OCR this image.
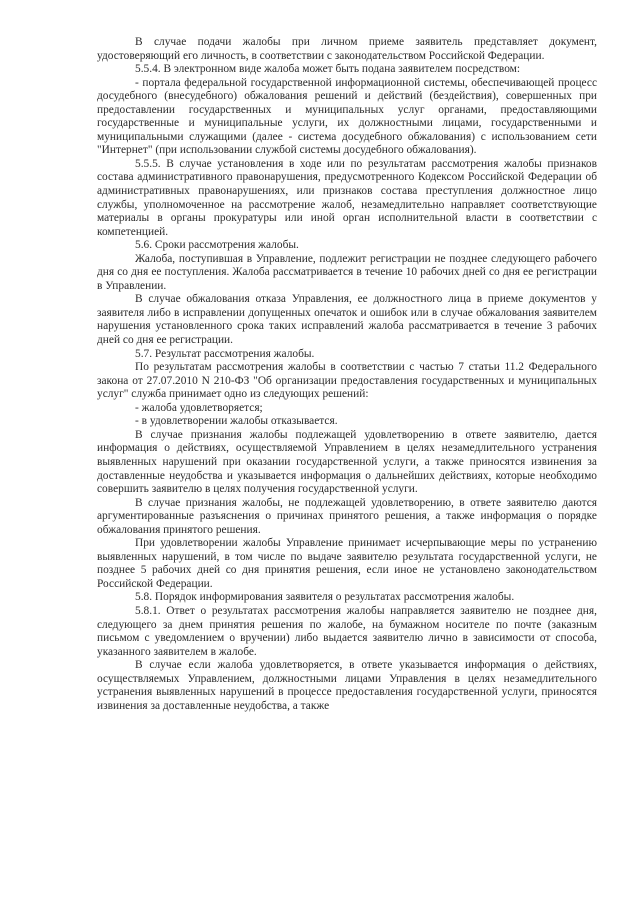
В случае подачи жалобы при личном приеме заявитель представляет документ, удостоверяющий его личность, в соответствии с законодательством Российской Федерации.

5.5.4. В электронном виде жалоба может быть подана заявителем посредством:

- портала федеральной государственной информационной системы, обеспечивающей процесс досудебного (внесудебного) обжалования решений и действий (бездействия), совершенных при предоставлении государственных и муниципальных услуг органами, предоставляющими государственные и муниципальные услуги, их должностными лицами, государственными и муниципальными служащими (далее - система досудебного обжалования) с использованием сети "Интернет" (при использовании службой системы досудебного обжалования).

5.5.5. В случае установления в ходе или по результатам рассмотрения жалобы признаков состава административного правонарушения, предусмотренного Кодексом Российской Федерации об административных правонарушениях, или признаков состава преступления должностное лицо службы, уполномоченное на рассмотрение жалоб, незамедлительно направляет соответствующие материалы в органы прокуратуры или иной орган исполнительной власти в соответствии с компетенцией.

5.6. Сроки рассмотрения жалобы.

Жалоба, поступившая в Управление, подлежит регистрации не позднее следующего рабочего дня со дня ее поступления. Жалоба рассматривается в течение 10 рабочих дней со дня ее регистрации в Управлении.

В случае обжалования отказа Управления, ее должностного лица в приеме документов у заявителя либо в исправлении допущенных опечаток и ошибок или в случае обжалования заявителем нарушения установленного срока таких исправлений жалоба рассматривается в течение 3 рабочих дней со дня ее регистрации.

5.7. Результат рассмотрения жалобы.

По результатам рассмотрения жалобы в соответствии с частью 7 статьи 11.2 Федерального закона от 27.07.2010 N 210-ФЗ "Об организации предоставления государственных и муниципальных услуг" служба принимает одно из следующих решений:

- жалоба удовлетворяется;

- в удовлетворении жалобы отказывается.

В случае признания жалобы подлежащей удовлетворению в ответе заявителю, дается информация о действиях, осуществляемой Управлением в целях незамедлительного устранения выявленных нарушений при оказании государственной услуги, а также приносятся извинения за доставленные неудобства и указывается информация о дальнейших действиях, которые необходимо совершить заявителю в целях получения государственной услуги.

В случае признания жалобы, не подлежащей удовлетворению, в ответе заявителю даются аргументированные разъяснения о причинах принятого решения, а также информация о порядке обжалования принятого решения.

При удовлетворении жалобы Управление принимает исчерпывающие меры по устранению выявленных нарушений, в том числе по выдаче заявителю результата государственной услуги, не позднее 5 рабочих дней со дня принятия решения, если иное не установлено законодательством Российской Федерации.

5.8. Порядок информирования заявителя о результатах рассмотрения жалобы.

5.8.1. Ответ о результатах рассмотрения жалобы направляется заявителю не позднее дня, следующего за днем принятия решения по жалобе, на бумажном носителе по почте (заказным письмом с уведомлением о вручении) либо выдается заявителю лично в зависимости от способа, указанного заявителем в жалобе.

В случае если жалоба удовлетворяется, в ответе указывается информация о действиях, осуществляемых Управлением, должностными лицами Управления в целях незамедлительного устранения выявленных нарушений в процессе предоставления государственной услуги, приносятся извинения за доставленные неудобства, а также
